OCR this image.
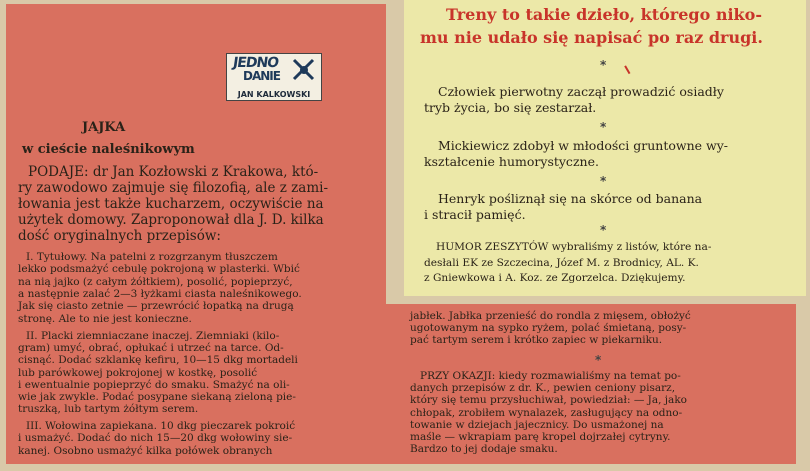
JEDNO
DANIE
JAN KALKOWSKI
JAJKA
w cieście naleśnikowym
PODAJE: dr Jan Kozłowski z Krakowa, któ-
ry zawodowo zajmuje się filozofią, ale z zami-
łowania jest także kucharzem, oczywiście na
użytek domowy. Zaproponował dla J. D. kilka
dość oryginalnych przepisów:
I. Tytułowy. Na patelni z rozgrzanym tłuszczem
lekko podsmażyć cebulę pokrojoną w plasterki. Wbić
na nią jajko (z całym żółtkiem), posolić, popieprzyć,
a następnie zalać 2—3 łyżkami ciasta naleśnikowego.
Jak się ciasto zetnie — przewrócić łopatką na drugą
stronę. Ale to nie jest konieczne.
II. Placki ziemniaczane inaczej. Ziemniaki (kilo-
gram) umyć, obrać, opłukać i utrzeć na tarce. Od-
cisnąć. Dodać szklankę kefiru, 10—15 dkg mortadeli
lub parówkowej pokrojonej w kostkę, posolić
i ewentualnie popieprzyć do smaku. Smażyć na oli-
wie jak zwykle. Podać posypane siekaną zieloną pie-
truszką, lub tartym żółtym serem.
III. Wołowina zapiekana. 10 dkg pieczarek pokroić
i usmażyć. Dodać do nich 15—20 dkg wołowiny sie-
kanej. Osobno usmażyć kilka połówek obranych
Treny to takie dzieło, którego niko-
mu nie udało się napisać po raz drugi.
*
Człowiek pierwotny zaczął prowadzić osiadły
tryb życia, bo się zestarzał.
*
Mickiewicz zdobył w młodości gruntowne wy-
kształcenie humorystyczne.
*
Henryk pośliznął się na skórce od banana
i stracił pamięć.
*
HUMOR ZESZYTÓW wybraliśmy z listów, które na-
desłali EK ze Szczecina, Józef M. z Brodnicy, AL. K.
z Gniewkowa i A. Koz. ze Zgorzelca. Dziękujemy.
jabłek. Jabłka przenieść do rondla z mięsem, obłożyć
ugotowanym na sypko ryżem, polać śmietaną, posy-
pać tartym serem i krótko zapiec w piekarniku.
*
PRZY OKAZJI: kiedy rozmawialiśmy na temat po-
danych przepisów z dr. K., pewien ceniony pisarz,
który się temu przysłuchiwał, powiedział: — Ja, jako
chłopak, zrobiłem wynalazek, zasługujący na odno-
towanie w dziejach jajecznicy. Do usmażonej na
maśle — wkrapiam parę kropel dojrzałej cytryny.
Bardzo to jej dodaje smaku.
